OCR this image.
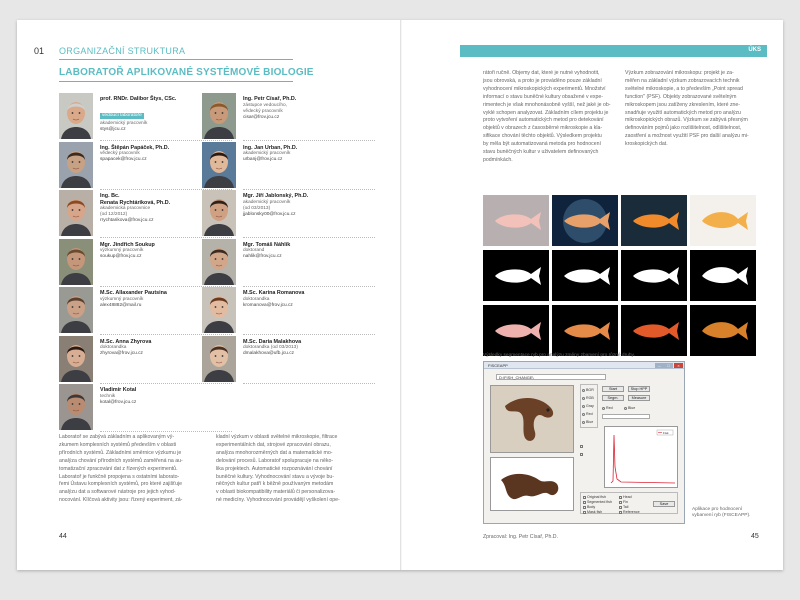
01 ORGANIZAČNÍ STRUKTURA
LABORATOŘ APLIKOVANÉ SYSTÉMOVÉ BIOLOGIE
prof. RNDr. Dalibor Štys, CSc.
vedoucí laboratoře
akademický pracovník
stys@jcu.cz
Ing. Petr Císař, Ph.D.
zástupce vedoucího,
vědecký pracovník
cisar@frov.jcu.cz
Ing. Štěpán Papáček, Ph.D.
vědecký pracovník
spapacek@frov.jcu.cz
Ing. Jan Urban, Ph.D.
akademický pracovník
urbanj@frov.jcu.cz
Ing. Bc.
Renata Rychtáriková, Ph.D.
akademická pracovnice
(od 12/2012)
rrychtarikova@frov.jcu.cz
Mgr. Jiří Jablonský, Ph.D.
akademický pracovník
(od 03/2013)
jjablonsky00@frov.jcu.cz
Mgr. Jindřich Soukup
výzkumný pracovník
soukup@frov.jcu.cz
Mgr. Tomáš Náhlík
doktorand
nahlik@frov.jcu.cz
M.Sc. Allaxander Pautsina
výzkumný pracovník
alex48882@mail.ru
M.Sc. Karina Romanova
doktorandka
kromanova@frov.jcu.cz
M.Sc. Anna Zhyrova
doktorandka
zhyrova@frov.jcu.cz
M.Sc. Daria Malakhova
doktorandka (od 03/2013)
dmalakhova@ufb.jcu.cz
Vladimír Kotal
technik
kotal@frov.jcu.cz
Laboratoř se zabývá základním a aplikovaným vý-
zkumem komplexních systémů především v oblasti
přírodních systémů. Základními směrnice výzkumu je
analýza chování přírodních systémů zaměřená na au-
tomatizační zpracování dat z řízených experimentů.
Laboratoř je funkčně propojena s ostatními laborato-
řemi Ústavu komplexních systémů, pro které zajišťuje
analýzu dat a softwarové nástroje pro jejich vyhod-
nocování. Klíčová aktivity jsou: řízený experiment, zá-
kladní výzkum v oblasti světelné mikroskopie, filtrace
experimentálních dat, strojové zpracování obrazu,
analýza mnohorozměrných dat a matematické mo-
delování procesů. Laboratoř spolupracuje na něko-
lika projektech. Automatické rozpoznávání chování
buněčné kultury. Vyhodnocování stavu a vývoje bu-
něčných kultur patří k běžně používaným metodám
v oblasti biokompatibility materiálů či personalizova-
né medicíny. Vyhodnocování provádějí vyškolení ope-
44
ÚKS
rátoři ručně. Objemy dat, které je nutné vyhodnotit,
jsou obrovská, a proto je prováděno pouze základní
vyhodnocení mikroskopických experimentů. Množství
informací o stavu buněčné kultury obsažené v expe-
rimentech je však mnohonásobně vyšší, než jaké je ob-
vyklé schopen analyzovat. Základním cílem projektu je
proto vytvoření automatických metod pro detekování
objektů v obrazech z časosběrné mikroskopie a kla-
sifikace chování těchto objektů. Výsledkem projektu
by měla být automatizovaná metoda pro hodnocení
stavu buněčných kultur v uživatelem definovaných
podmínkách.
Výzkum zobrazování mikroskopu: projekt je za-
měřen na základní výzkum zobrazovacích technik
světelné mikroskopie, a to především „Point spread
function" (PSF). Objekty zobrazované světelným
mikroskopem jsou zatíženy zkreslením, které zne-
snadňuje využití automatických metod pro analýzu
mikroskopických obrazů. Výzkum se zabývá přesným
definováním pojmů jako rozlišitelnost, odlišitelnost,
zaostření a možnost využití PSF pro další analýzu mi-
kroskopických dat.
Výsledky segmentace ryb pro analýzu změny zbarvení pro různé druhy.
FISCEAPP	–	□	×
D:\FISH_CHANGE\
BGR
RGB
Gray
Red
Blue
Start	Stop HPP
Segm.	Measure
Red	Blue
Fisk
Original fish
Segmented fish
Body
Mask fish
Head
Fin
Tail
Reference
Save
Aplikace pro hodnocení
vybarvení ryb (FISCEAPP).
Zpracoval: Ing. Petr Císař, Ph.D.	45
